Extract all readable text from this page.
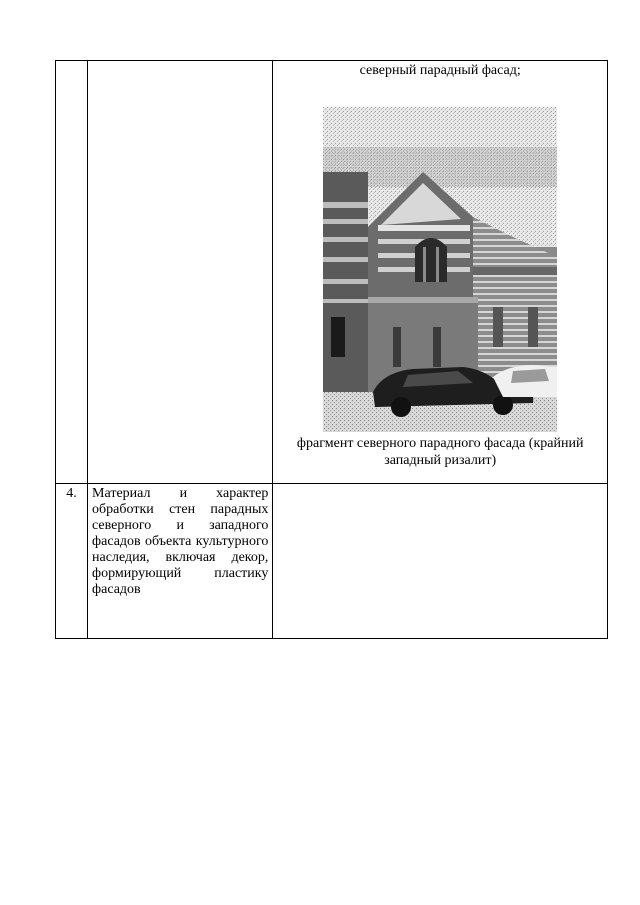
		северный парадный фасад;
фрагмент северного парадного фасада (крайний западный ризалит)

4.	Материал и характер обработки стен парадных северного и западного фасадов объекта культурного наследия, включая декор, формирующий пластику фасадов	
